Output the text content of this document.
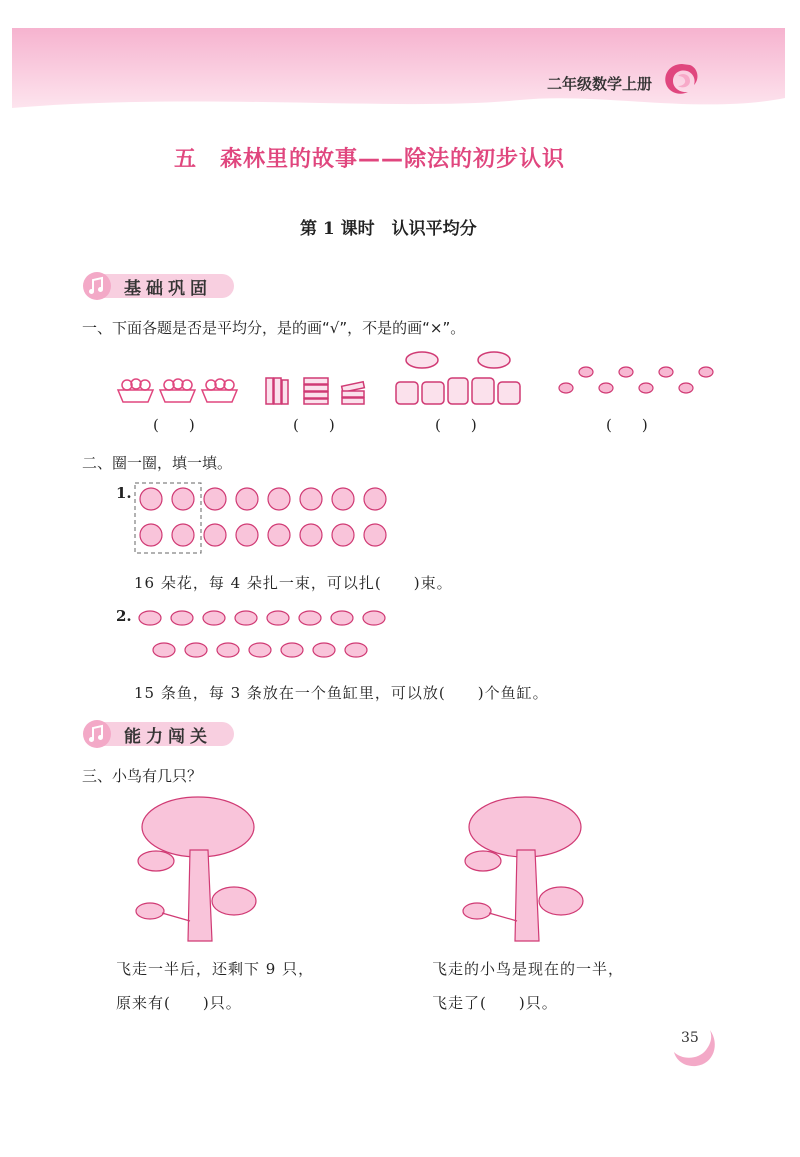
二年级数学上册
五　森林里的故事——除法的初步认识
第 1 课时　认识平均分
基础巩固
一、下面各题是否是平均分，是的画“√”，不是的画“×”。
(　　)	(　　)	(　　)	(　　)
二、圈一圈，填一填。
1.
16 朵花，每 4 朵扎一束，可以扎(　　)束。
2.
15 条鱼，每 3 条放在一个鱼缸里，可以放(　　)个鱼缸。
能力闯关
三、小鸟有几只？
飞走一半后，还剩下 9 只，
原来有(　　)只。
飞走的小鸟是现在的一半，
飞走了(　　)只。
35
